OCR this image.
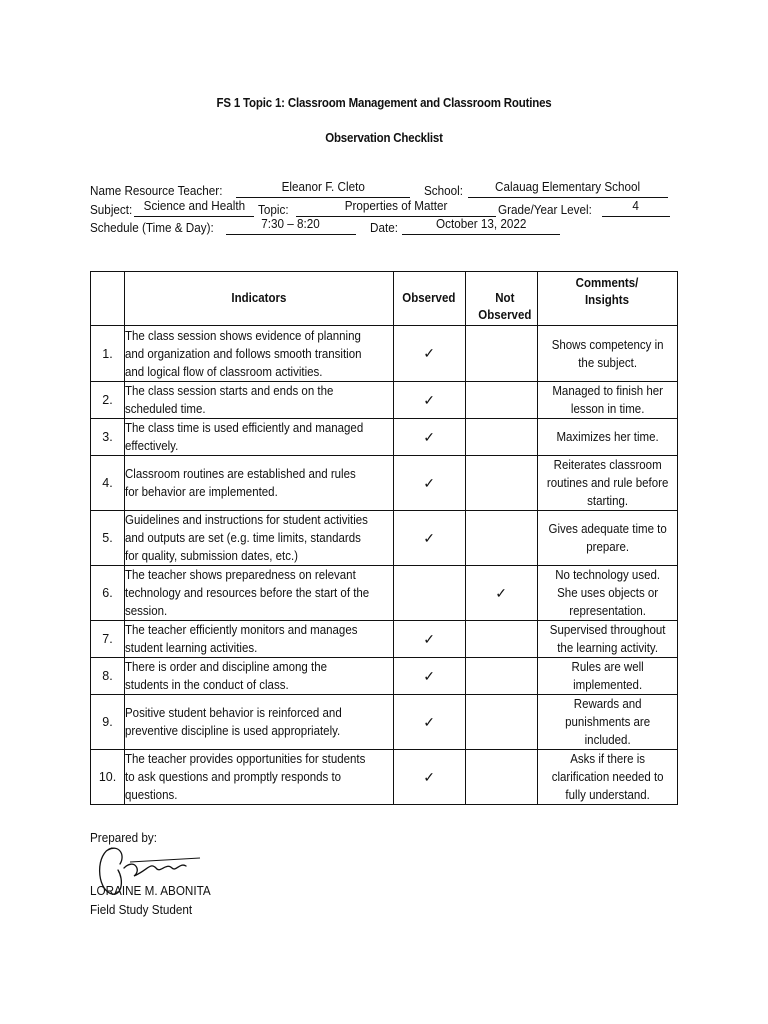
FS 1 Topic 1: Classroom Management and Classroom Routines
Observation Checklist
Name Resource Teacher:	Eleanor F. Cleto	School:	Calauag Elementary School
Subject: Science and Health	Topic:	Properties of Matter	Grade/Year Level:	4
Schedule (Time & Day):	7:30 – 8:20	Date:	October 13, 2022
	Indicators	Observed	Not Observed	Comments/ Insights

1.	The class session shows evidence of planning and organization and follows smooth transition and logical flow of classroom activities.	✓		Shows competency in the subject.
2.	The class session starts and ends on the scheduled time.	✓		Managed to finish her lesson in time.
3.	The class time is used efficiently and managed effectively.	✓		Maximizes her time.
4.	Classroom routines are established and rules for behavior are implemented.	✓		Reiterates classroom routines and rule before starting.
5.	Guidelines and instructions for student activities and outputs are set (e.g. time limits, standards for quality, submission dates, etc.)	✓		Gives adequate time to prepare.
6.	The teacher shows preparedness on relevant technology and resources before the start of the session.		✓	No technology used. She uses objects or representation.
7.	The teacher efficiently monitors and manages student learning activities.	✓		Supervised throughout the learning activity.
8.	There is order and discipline among the students in the conduct of class.	✓		Rules are well implemented.
9.	Positive student behavior is reinforced and preventive discipline is used appropriately.	✓		Rewards and punishments are included.
10.	The teacher provides opportunities for students to ask questions and promptly responds to questions.	✓		Asks if there is clarification needed to fully understand.
Prepared by:
LORAINE M. ABONITA
Field Study Student
